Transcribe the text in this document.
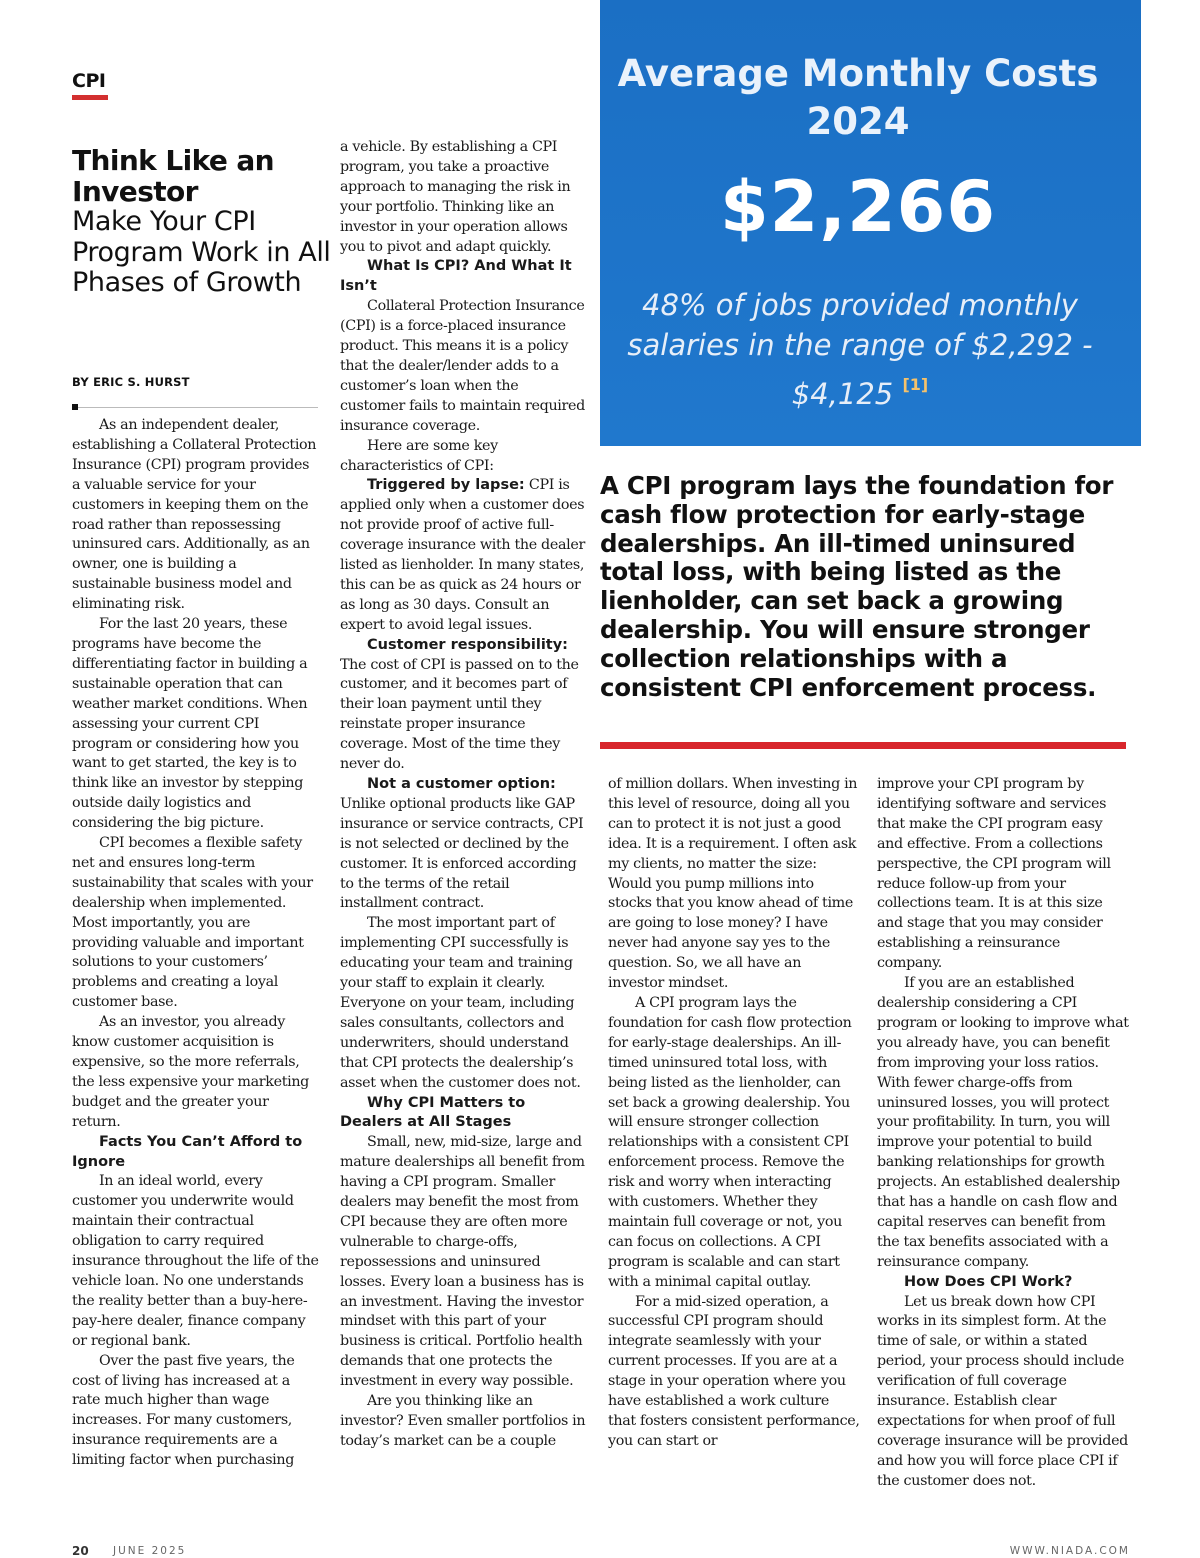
CPI
Think Like an Investor
Make Your CPI Program Work in All Phases of Growth
BY ERIC S. HURST

As an independent dealer, establishing a Collateral Protection Insurance (CPI) program provides a valuable service for your customers in keeping them on the road rather than repossessing uninsured cars. Additionally, as an owner, one is building a sustainable business model and eliminating risk.

For the last 20 years, these programs have become the differentiating factor in building a sustainable operation that can weather market conditions. When assessing your current CPI program or considering how you want to get started, the key is to think like an investor by stepping outside daily logistics and considering the big picture.

CPI becomes a flexible safety net and ensures long-term sustainability that scales with your dealership when implemented. Most importantly, you are providing valuable and important solutions to your customers’ problems and creating a loyal customer base.

As an investor, you already know customer acquisition is expensive, so the more referrals, the less expensive your marketing budget and the greater your return.

Facts You Can’t Afford to Ignore

In an ideal world, every customer you underwrite would maintain their contractual obligation to carry required insurance throughout the life of the vehicle loan. No one understands the reality better than a buy-here-pay-here dealer, finance company or regional bank.

Over the past five years, the cost of living has increased at a rate much higher than wage increases. For many customers, insurance requirements are a limiting factor when purchasing

a vehicle. By establishing a CPI program, you take a proactive approach to managing the risk in your portfolio. Thinking like an investor in your operation allows you to pivot and adapt quickly.

What Is CPI? And What It Isn’t

Collateral Protection Insurance (CPI) is a force-placed insurance product. This means it is a policy that the dealer/lender adds to a customer’s loan when the customer fails to maintain required insurance coverage.

Here are some key characteristics of CPI:

Triggered by lapse: CPI is applied only when a customer does not provide proof of active full-coverage insurance with the dealer listed as lienholder. In many states, this can be as quick as 24 hours or as long as 30 days. Consult an expert to avoid legal issues.

Customer responsibility:

The cost of CPI is passed on to the customer, and it becomes part of their loan payment until they reinstate proper insurance coverage. Most of the time they never do.

Not a customer option:

Unlike optional products like GAP insurance or service contracts, CPI is not selected or declined by the customer. It is enforced according to the terms of the retail installment contract.

The most important part of implementing CPI successfully is educating your team and training your staff to explain it clearly. Everyone on your team, including sales consultants, collectors and underwriters, should understand that CPI protects the dealership’s asset when the customer does not.

Why CPI Matters to Dealers at All Stages

Small, new, mid-size, large and mature dealerships all benefit from having a CPI program. Smaller dealers may benefit the most from CPI because they are often more vulnerable to charge-offs, repossessions and uninsured losses. Every loan a business has is an investment. Having the investor mindset with this part of your business is critical. Portfolio health demands that one protects the investment in every way possible.

Are you thinking like an investor? Even smaller portfolios in today’s market can be a couple

Average Monthly Costs 2024
$2,266
48% of jobs provided monthly salaries in the range of $2,292 - $4,125 [1]
A CPI program lays the foundation for cash flow protection for early-stage dealerships. An ill-timed uninsured total loss, with being listed as the lienholder, can set back a growing dealership. You will ensure stronger collection relationships with a consistent CPI enforcement process.

of million dollars. When investing in this level of resource, doing all you can to protect it is not just a good idea. It is a requirement. I often ask my clients, no matter the size: Would you pump millions into stocks that you know ahead of time are going to lose money? I have never had anyone say yes to the question. So, we all have an investor mindset.

A CPI program lays the foundation for cash flow protection for early-stage dealerships. An ill-timed uninsured total loss, with being listed as the lienholder, can set back a growing dealership. You will ensure stronger collection relationships with a consistent CPI enforcement process. Remove the risk and worry when interacting with customers. Whether they maintain full coverage or not, you can focus on collections. A CPI program is scalable and can start with a minimal capital outlay.

For a mid-sized operation, a successful CPI program should integrate seamlessly with your current processes. If you are at a stage in your operation where you have established a work culture that fosters consistent performance, you can start or

improve your CPI program by identifying software and services that make the CPI program easy and effective. From a collections perspective, the CPI program will reduce follow-up from your collections team. It is at this size and stage that you may consider establishing a reinsurance company.

If you are an established dealership considering a CPI program or looking to improve what you already have, you can benefit from improving your loss ratios. With fewer charge-offs from uninsured losses, you will protect your profitability. In turn, you will improve your potential to build banking relationships for growth projects. An established dealership that has a handle on cash flow and capital reserves can benefit from the tax benefits associated with a reinsurance company.

How Does CPI Work?

Let us break down how CPI works in its simplest form. At the time of sale, or within a stated period, your process should include verification of full coverage insurance. Establish clear expectations for when proof of full coverage insurance will be provided and how you will force place CPI if the customer does not.

20 JUNE 2025	WWW.NIADA.COM
